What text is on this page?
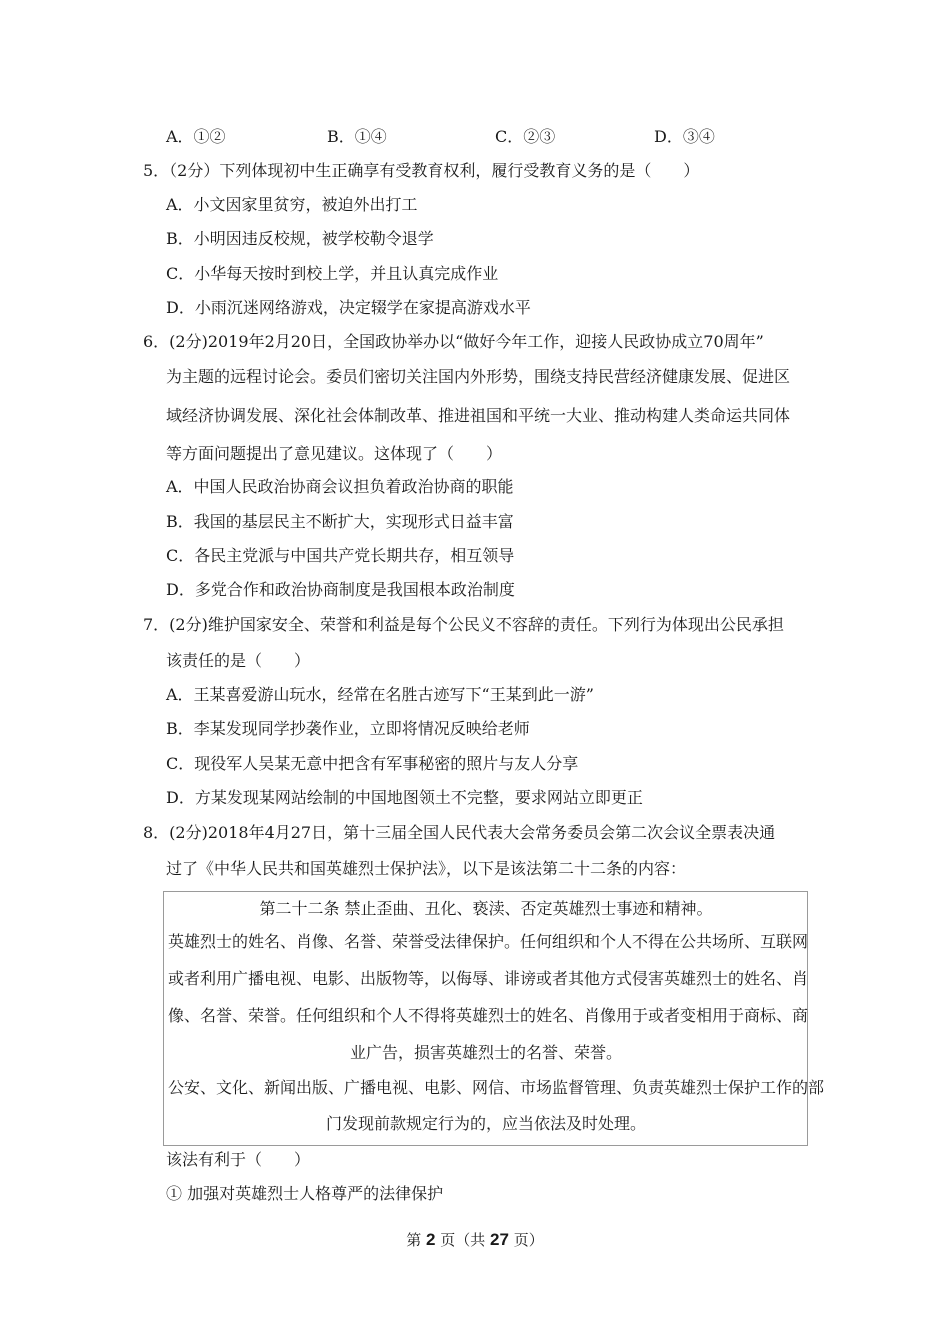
A．①②	B．①④	C．②③	D．③④
5．（2分）下列体现初中生正确享有受教育权利，履行受教育义务的是（　　）
A．小文因家里贫穷，被迫外出打工
B．小明因违反校规，被学校勒令退学
C．小华每天按时到校上学，并且认真完成作业
D．小雨沉迷网络游戏，决定辍学在家提高游戏水平
6．(2分)2019年2月20日，全国政协举办以“做好今年工作，迎接人民政协成立70周年”
为主题的远程讨论会。委员们密切关注国内外形势，围绕支持民营经济健康发展、促进区
域经济协调发展、深化社会体制改革、推进祖国和平统一大业、推动构建人类命运共同体
等方面问题提出了意见建议。这体现了（　　）
A．中国人民政治协商会议担负着政治协商的职能
B．我国的基层民主不断扩大，实现形式日益丰富
C．各民主党派与中国共产党长期共存，相互领导
D．多党合作和政治协商制度是我国根本政治制度
7．(2分)维护国家安全、荣誉和利益是每个公民义不容辞的责任。下列行为体现出公民承担
该责任的是（　　）
A．王某喜爱游山玩水，经常在名胜古迹写下“王某到此一游”
B．李某发现同学抄袭作业，立即将情况反映给老师
C．现役军人吴某无意中把含有军事秘密的照片与友人分享
D．方某发现某网站绘制的中国地图领土不完整，要求网站立即更正
8．(2分)2018年4月27日，第十三届全国人民代表大会常务委员会第二次会议全票表决通
过了《中华人民共和国英雄烈士保护法》，以下是该法第二十二条的内容：
第二十二条 禁止歪曲、丑化、亵渎、否定英雄烈士事迹和精神。
英雄烈士的姓名、肖像、名誉、荣誉受法律保护。任何组织和个人不得在公共场所、互联网
或者利用广播电视、电影、出版物等，以侮辱、诽谤或者其他方式侵害英雄烈士的姓名、肖
像、名誉、荣誉。任何组织和个人不得将英雄烈士的姓名、肖像用于或者变相用于商标、商
业广告，损害英雄烈士的名誉、荣誉。
公安、文化、新闻出版、广播电视、电影、网信、市场监督管理、负责英雄烈士保护工作的部
门发现前款规定行为的，应当依法及时处理。
该法有利于（　　）
① 加强对英雄烈士人格尊严的法律保护
第 2 页（共 27 页）
